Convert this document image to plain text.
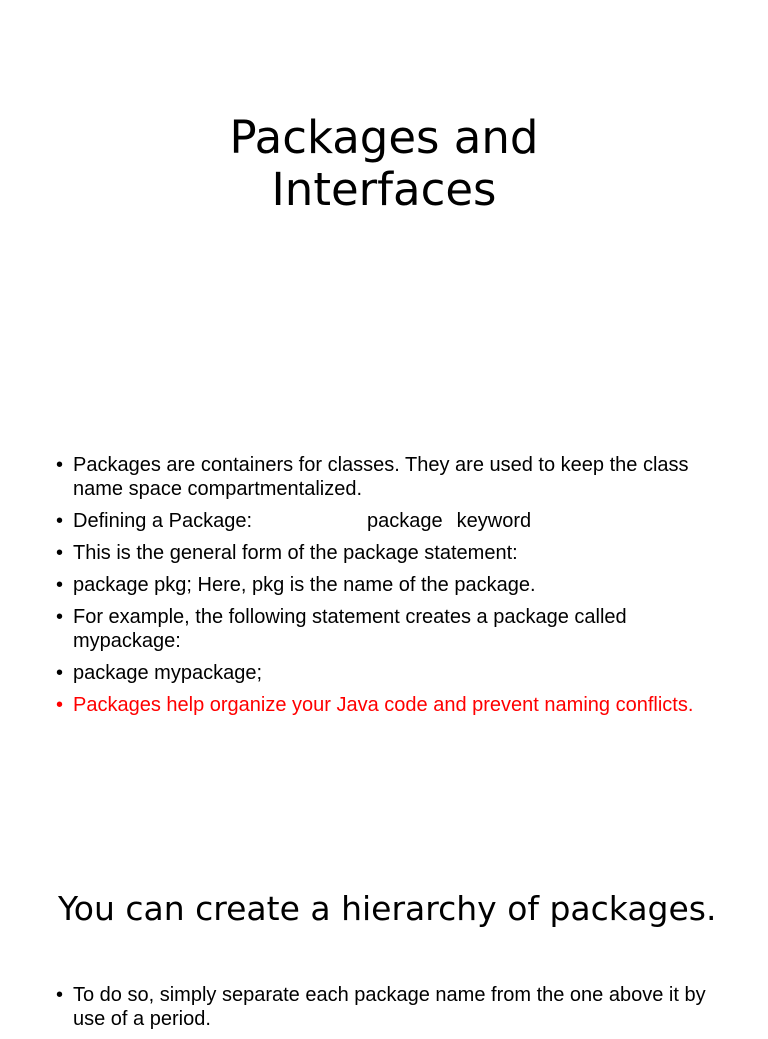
Packages and
Interfaces
• Packages are containers for classes. They are used to keep the class name space compartmentalized.
• Defining a Package:	package keyword
• This is the general form of the package statement:
• package pkg; Here, pkg is the name of the package.
• For example, the following statement creates a package called mypackage:
• package mypackage;
• Packages help organize your Java code and prevent naming conflicts.
You can create a hierarchy of packages.
• To do so, simply separate each package name from the one above it by use of a period.
